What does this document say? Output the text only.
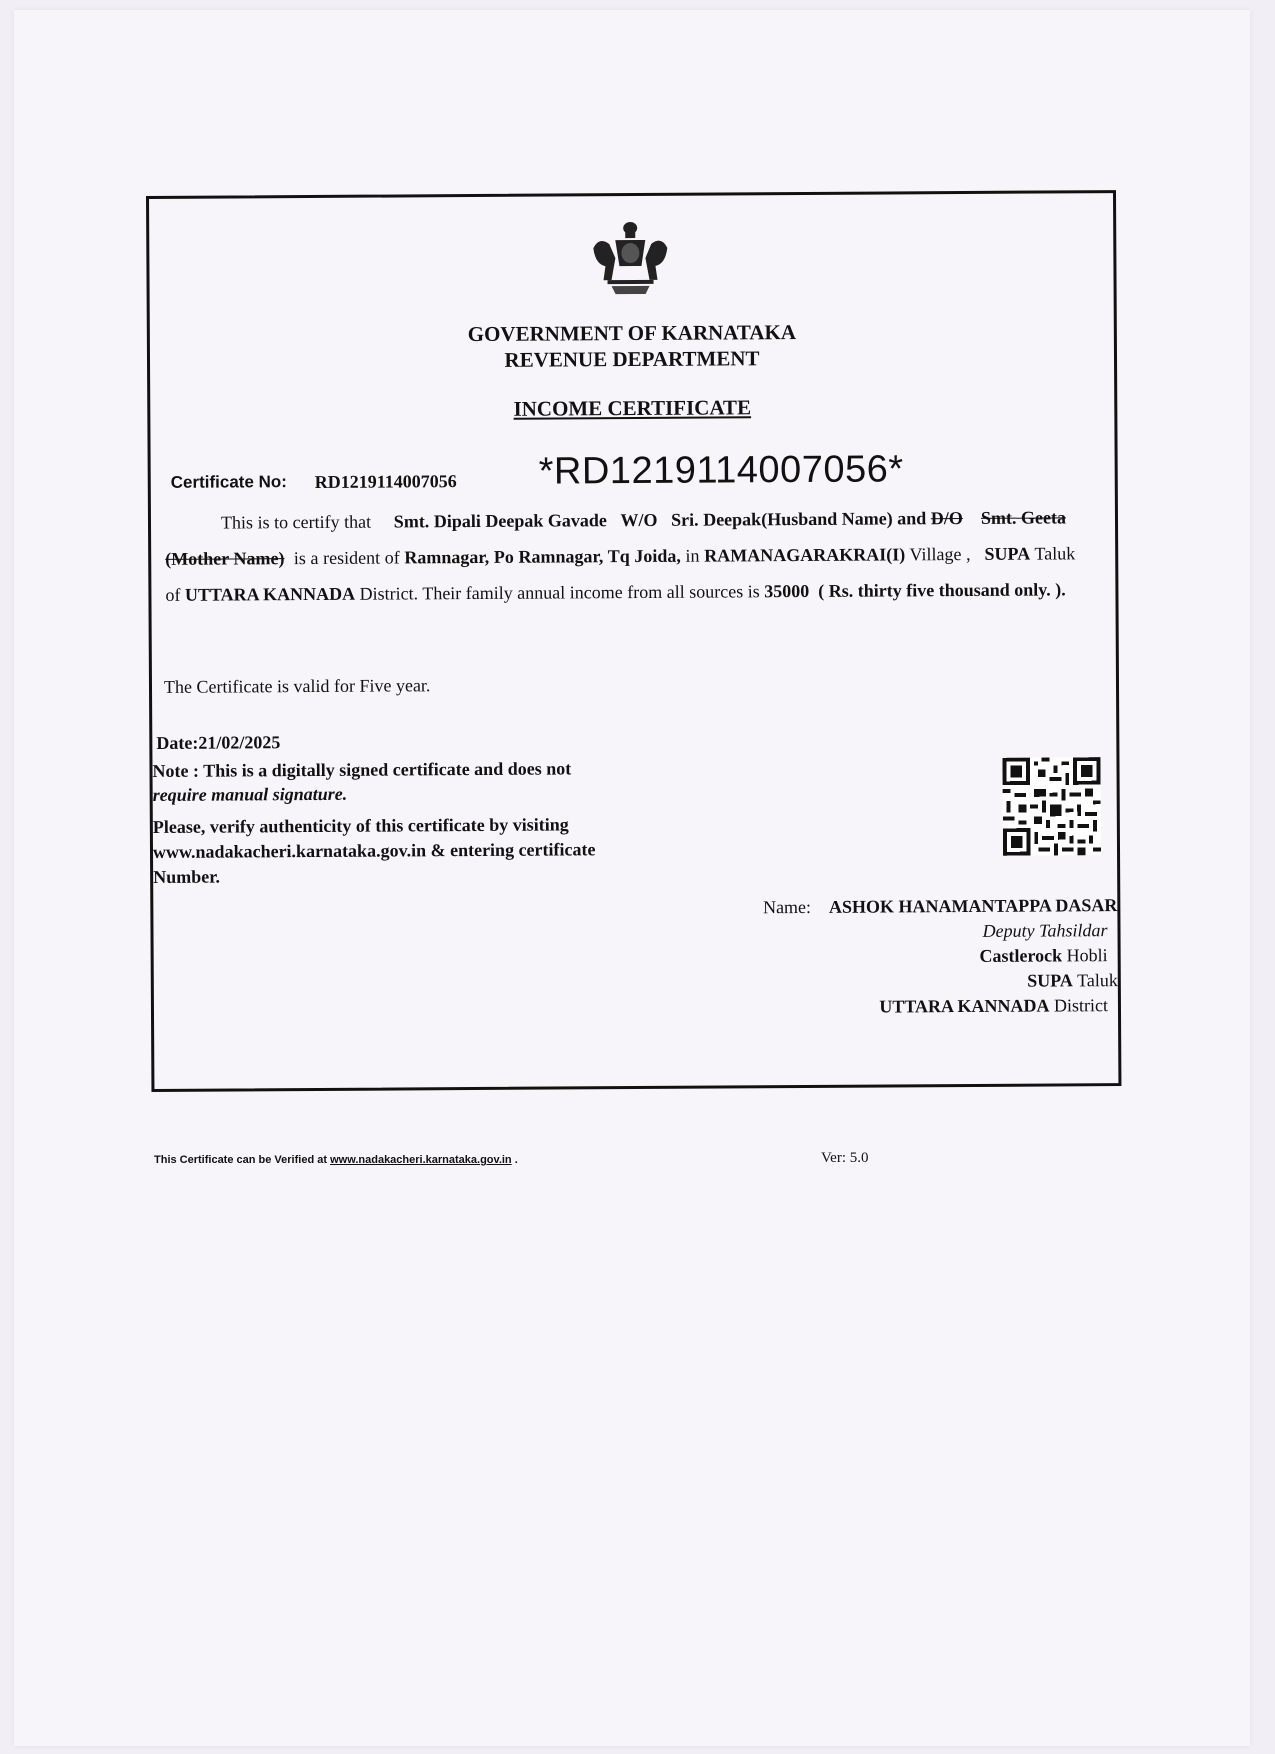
GOVERNMENT OF KARNATAKA
REVENUE DEPARTMENT
INCOME CERTIFICATE
Certificate No: RD1219114007056 *RD1219114007056*
This is to certify that Smt. Dipali Deepak Gavade W/O Sri. Deepak(Husband Name) and D/O Smt. Geeta   (Mother Name) is a resident of Ramnagar, Po Ramnagar, Tq Joida, in RAMANAGARAKRAI(I) Village , SUPA Taluk of UTTARA KANNADA District. Their family annual income from all sources is 35000 ( Rs. thirty five thousand only. ).
The Certificate is valid for Five year.
Date:21/02/2025
Note : This is a digitally signed certificate and does not
require manual signature.
Please, verify authenticity of this certificate by visiting
www.nadakacheri.karnataka.gov.in & entering certificate
Number.
Name: ASHOK HANAMANTAPPA DASAR
Deputy Tahsildar
Castlerock Hobli
SUPA Taluk
UTTARA KANNADA District
This Certificate can be Verified at www.nadakacheri.karnataka.gov.in .	Ver: 5.0
